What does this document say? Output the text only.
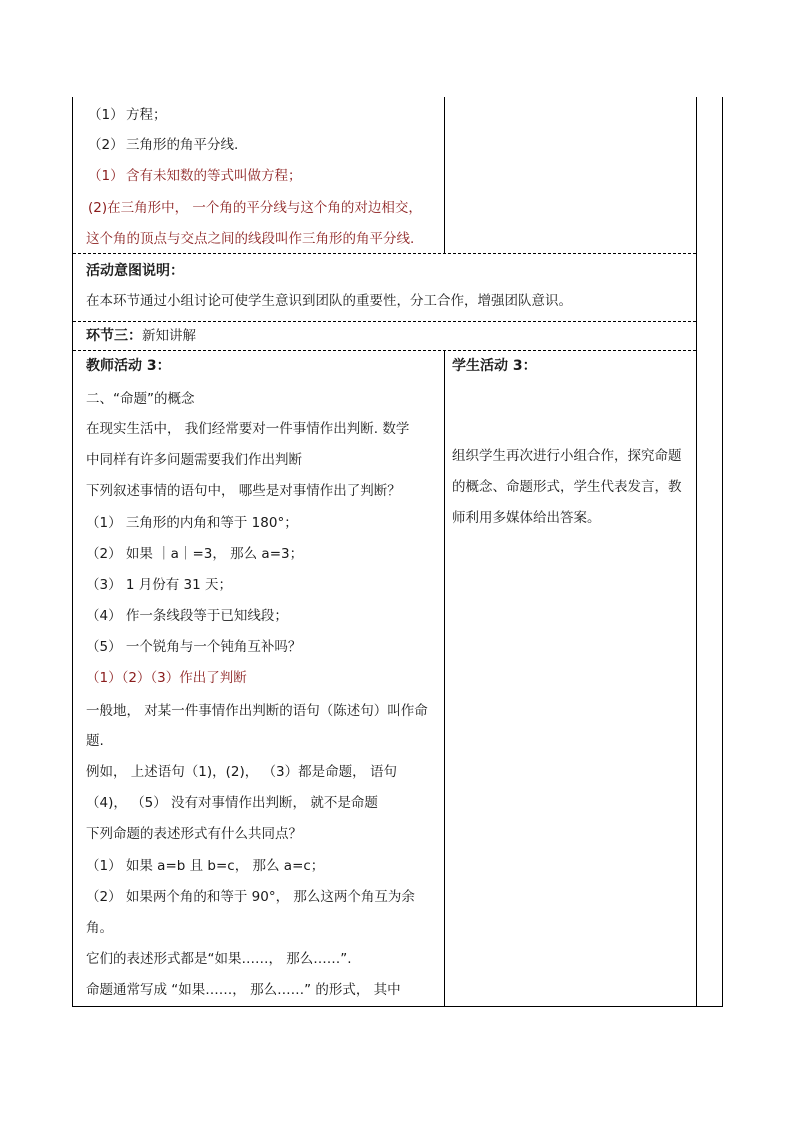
（1） 方程；
（2） 三角形的角平分线.
（1） 含有未知数的等式叫做方程；
(2)在三角形中， 一个角的平分线与这个角的对边相交，
这个角的顶点与交点之间的线段叫作三角形的角平分线.
活动意图说明：
在本环节通过小组讨论可使学生意识到团队的重要性，分工合作，增强团队意识。
环节三：新知讲解
教师活动 3：	学生活动 3：
二、“命题”的概念
在现实生活中， 我们经常要对一件事情作出判断. 数学
中同样有许多问题需要我们作出判断
下列叙述事情的语句中， 哪些是对事情作出了判断？
（1） 三角形的内角和等于 180°；
（2） 如果 ｜a｜=3， 那么 a=3；
（3） 1 月份有 31 天；
（4） 作一条线段等于已知线段；
（5） 一个锐角与一个钝角互补吗？
（1）（2）（3）作出了判断
一般地， 对某一件事情作出判断的语句（陈述句）叫作命
题.
例如， 上述语句（1)，(2)， （3）都是命题， 语句
（4)， （5） 没有对事情作出判断， 就不是命题
下列命题的表述形式有什么共同点？
（1） 如果 a=b 且 b=c， 那么 a=c；
（2） 如果两个角的和等于 90°， 那么这两个角互为余
角。
它们的表述形式都是“如果……， 那么……”.
命题通常写成 “如果……， 那么……” 的形式， 其中
组织学生再次进行小组合作，探究命题
的概念、命题形式，学生代表发言，教
师利用多媒体给出答案。
